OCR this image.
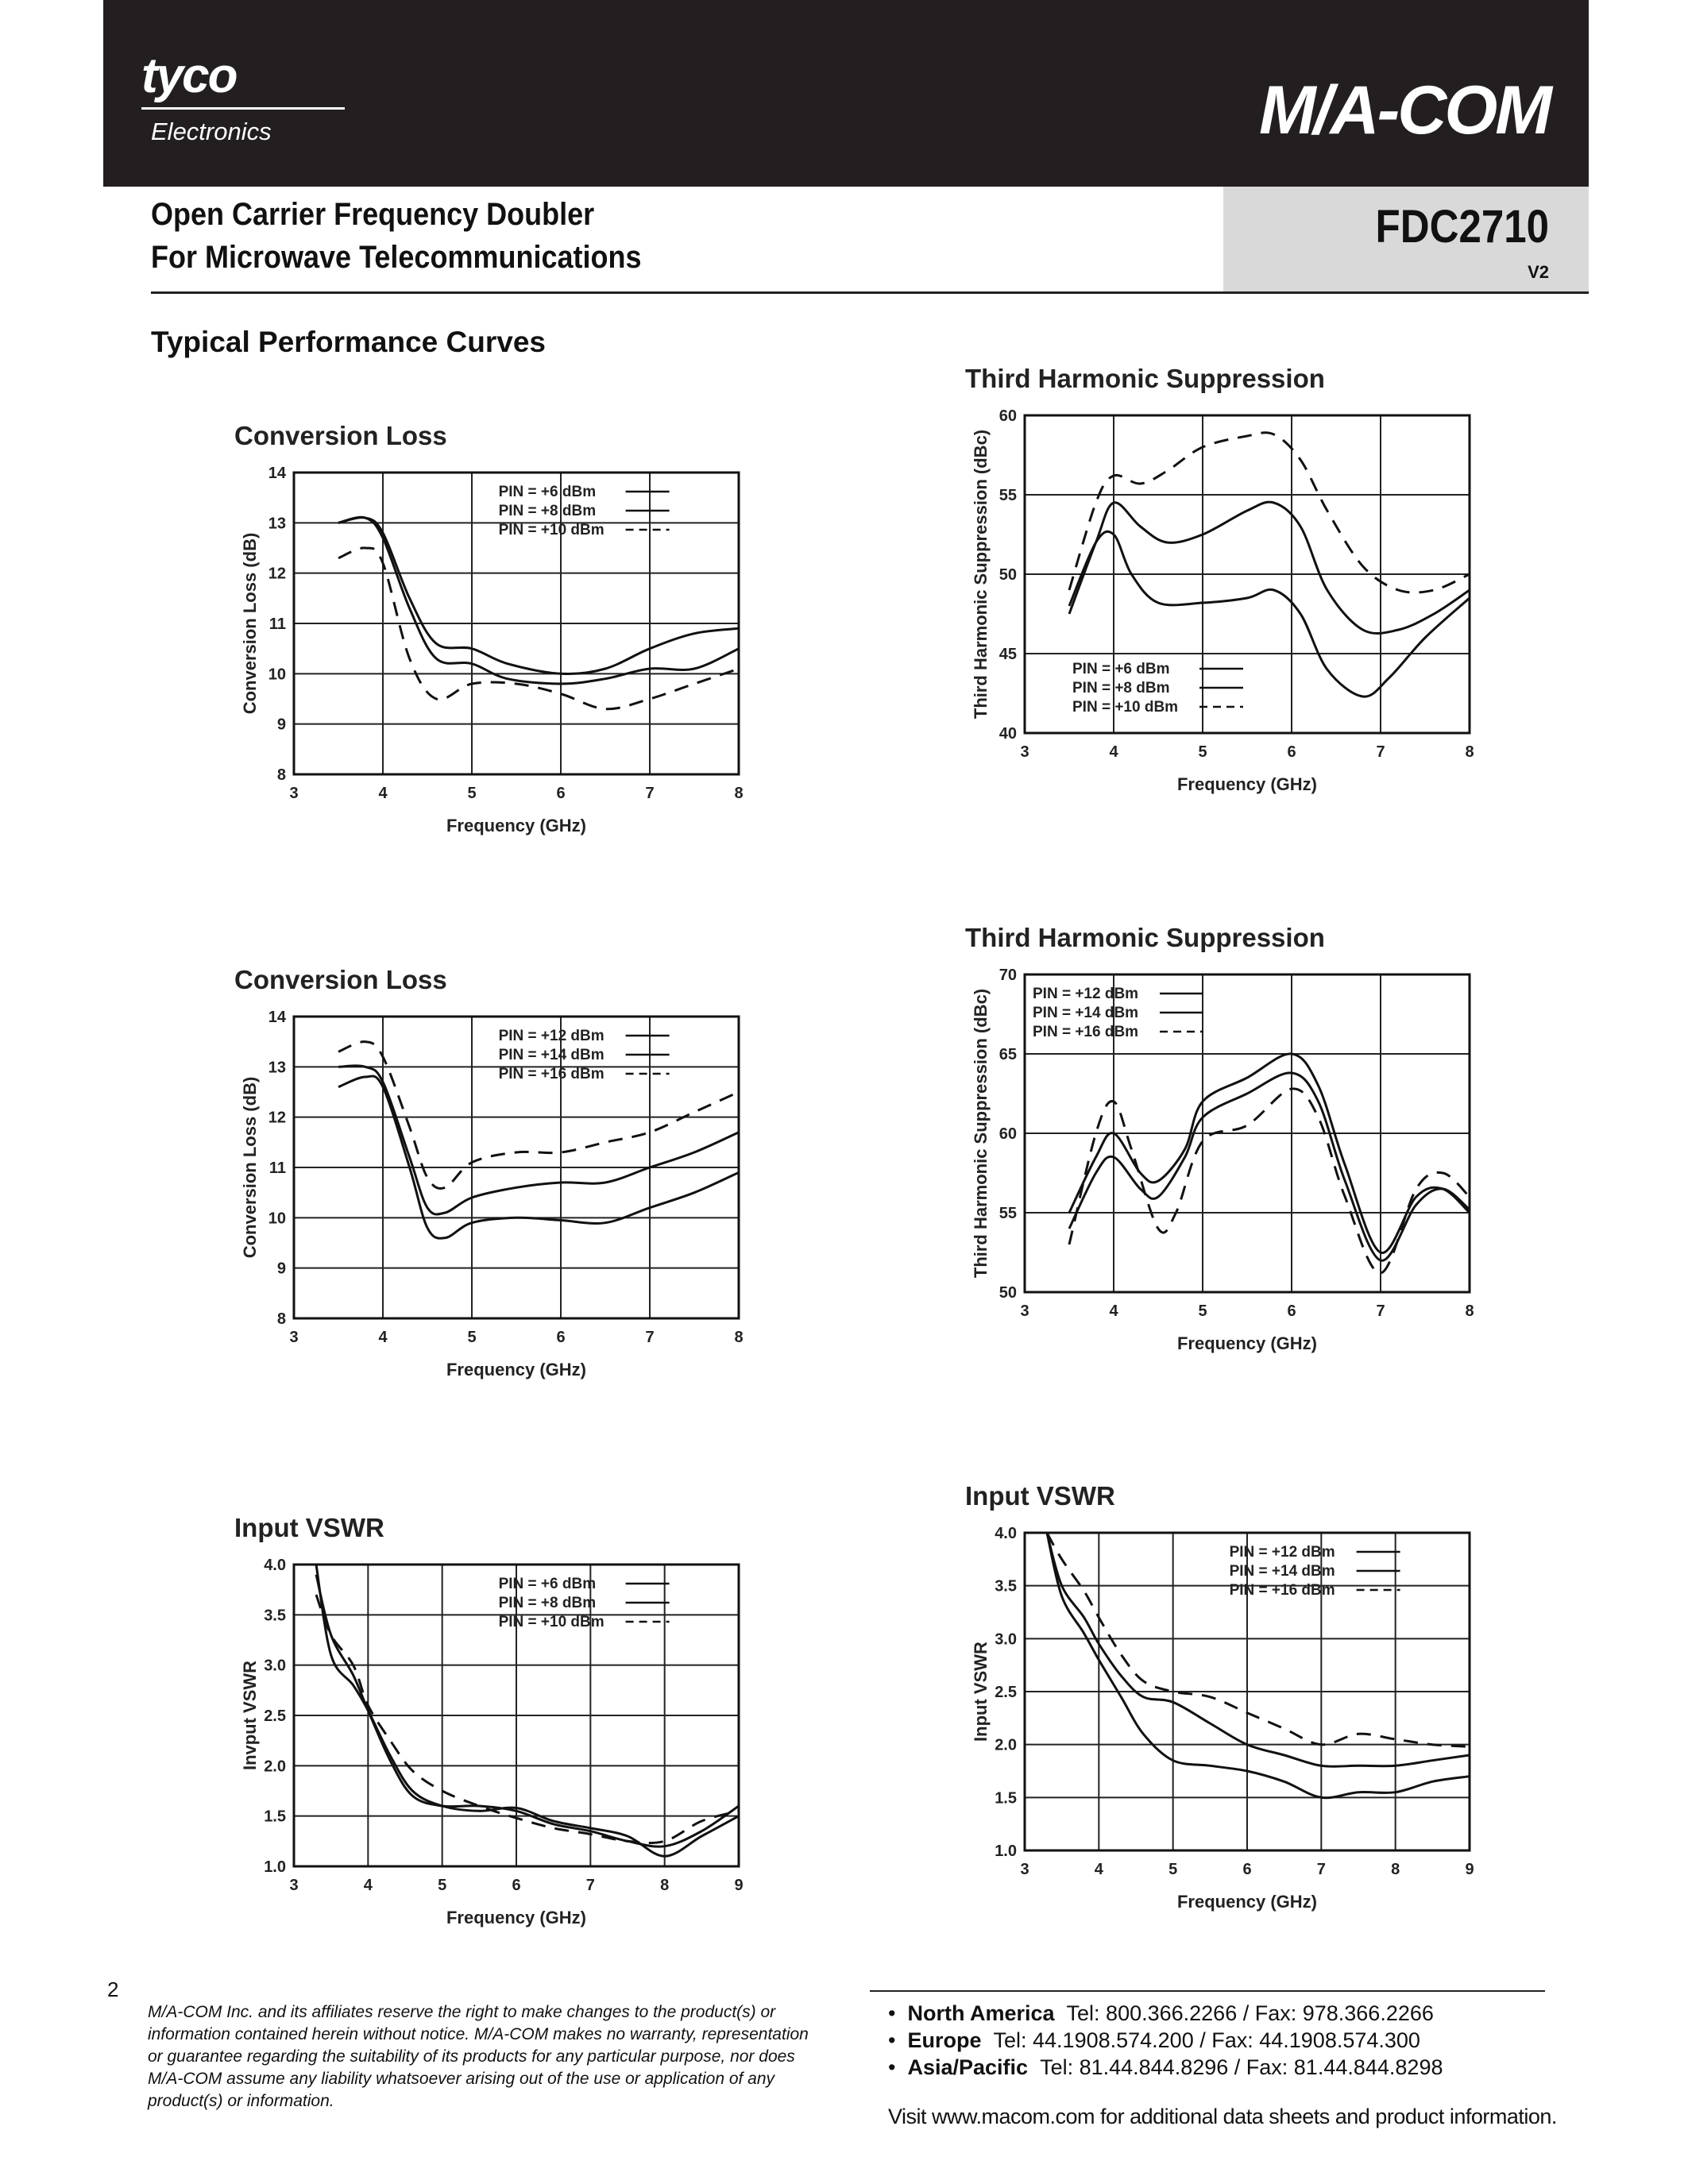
tyco
Electronics	M/A-COM
Open Carrier Frequency Doubler
For Microwave Telecommunications
FDC2710
V2
Typical Performance Curves
Conversion Loss
3	4	5	6	7	8
8
9
10
11
12
13
14
Frequency (GHz)
Conversion Loss (dB)
PIN = +6 dBm
PIN = +8 dBm
PIN = +10 dBm
Third Harmonic Suppression
3	4	5	6	7	8
40
45
50
55
60
Frequency (GHz)
Third Harmonic Suppression (dBc)	PIN = +6 dBm
PIN = +8 dBm
PIN = +10 dBm
Conversion Loss
3	4	5	6	7	8
8
9
10
11
12
13
14
Frequency (GHz)
Conversion Loss (dB)
PIN = +12 dBm
PIN = +14 dBm
PIN = +16 dBm
Third Harmonic Suppression
3	4	5	6	7	8
50
55
60
65
70
Frequency (GHz)
Third Harmonic Suppression (dBc)	PIN = +12 dBm
PIN = +14 dBm
PIN = +16 dBm
Input VSWR
3	4	5	6	7	8	9
1.0
1.5
2.0
2.5
3.0
3.5
4.0
Frequency (GHz)
Invput VSWR
PIN = +6 dBm
PIN = +8 dBm
PIN = +10 dBm
Input VSWR
3	4	5	6	7	8	9
1.0
1.5
2.0
2.5
3.0
3.5
4.0
Frequency (GHz)
Input VSWR
PIN = +12 dBm
PIN = +14 dBm
PIN = +16 dBm
2
M/A-COM Inc. and its affiliates reserve the right to make changes to the product(s) or information contained herein without notice. M/A-COM makes no warranty, representation or guarantee regarding the suitability of its products for any particular purpose, nor does M/A-COM assume any liability whatsoever arising out of the use or application of any product(s) or information.
•  North America Tel: 800.366.2266 / Fax: 978.366.2266
•  Europe Tel: 44.1908.574.200 / Fax: 44.1908.574.300
•  Asia/Pacific Tel: 81.44.844.8296 / Fax: 81.44.844.8298
Visit www.macom.com for additional data sheets and product information.
